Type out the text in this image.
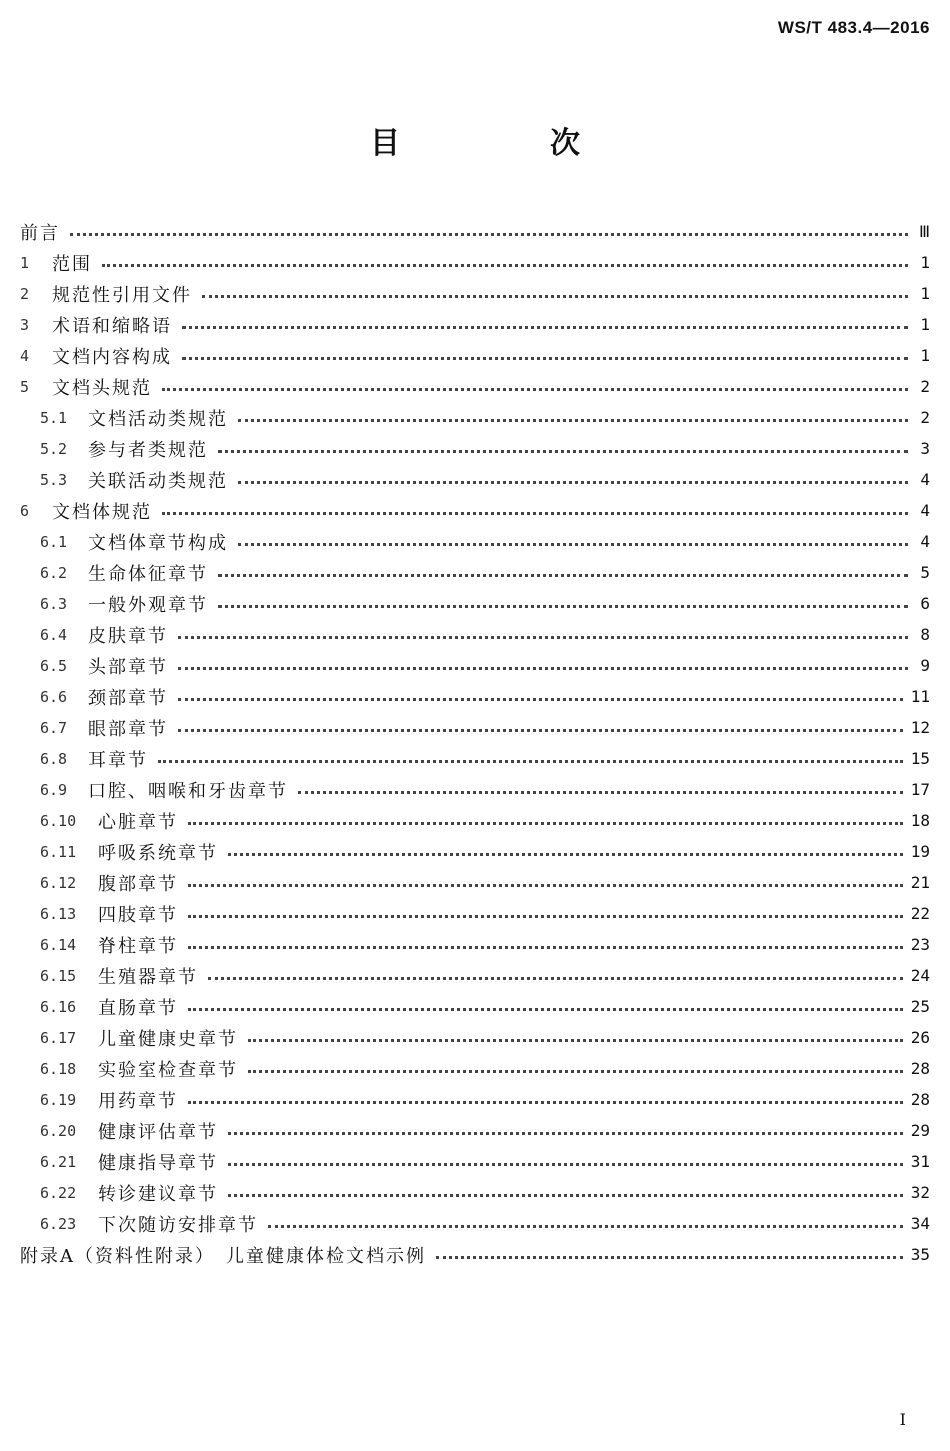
WS/T 483.4—2016
目　次
前言	Ⅲ
1	范围	1
2	规范性引用文件	1
3	术语和缩略语	1
4	文档内容构成	1
5	文档头规范	2
5.1	文档活动类规范	2
5.2	参与者类规范	3
5.3	关联活动类规范	4
6	文档体规范	4
6.1	文档体章节构成	4
6.2	生命体征章节	5
6.3	一般外观章节	6
6.4	皮肤章节	8
6.5	头部章节	9
6.6	颈部章节	11
6.7	眼部章节	12
6.8	耳章节	15
6.9	口腔、咽喉和牙齿章节	17
6.10	心脏章节	18
6.11	呼吸系统章节	19
6.12	腹部章节	21
6.13	四肢章节	22
6.14	脊柱章节	23
6.15	生殖器章节	24
6.16	直肠章节	25
6.17	儿童健康史章节	26
6.18	实验室检查章节	28
6.19	用药章节	28
6.20	健康评估章节	29
6.21	健康指导章节	31
6.22	转诊建议章节	32
6.23	下次随访安排章节	34
附录A（资料性附录）　儿童健康体检文档示例	35
Ⅰ
